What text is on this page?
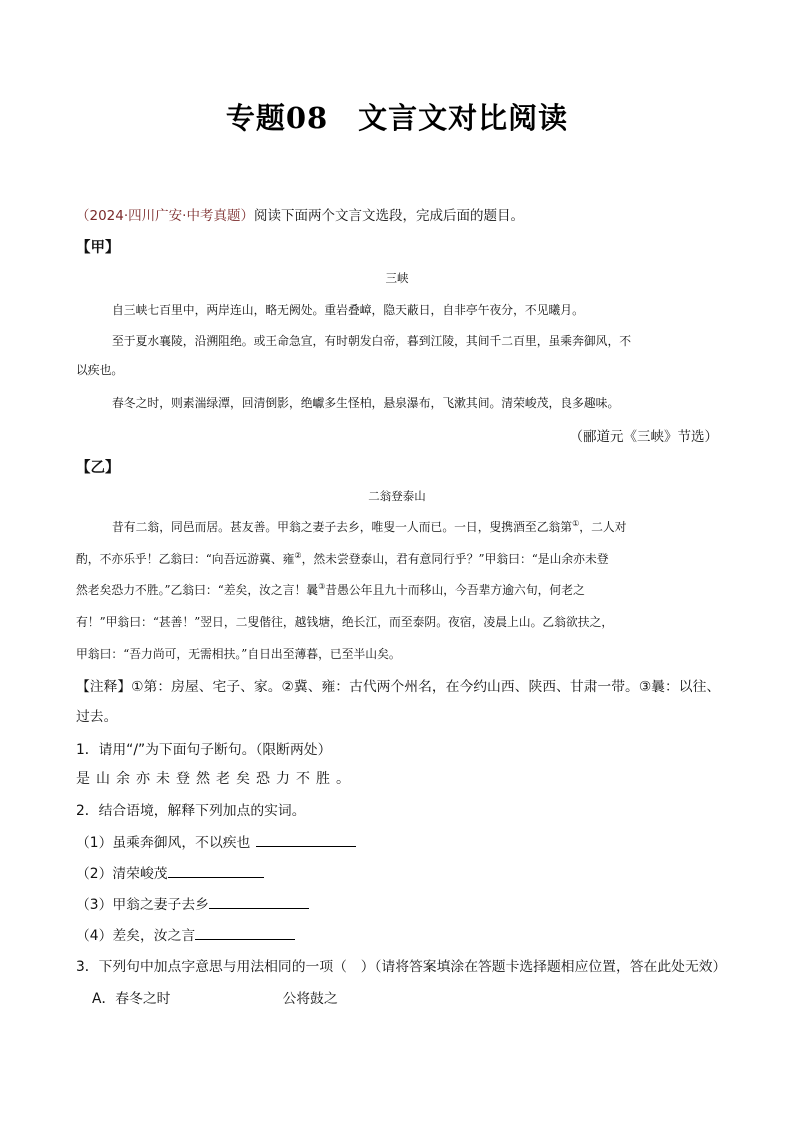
专题08 文言文对比阅读
（2024·四川广安·中考真题）阅读下面两个文言文选段，完成后面的题目。
【甲】
三峡
自三峡七百里中，两岸连山，略无阙处。重岩叠嶂，隐天蔽日，自非亭午夜分，不见曦月。
至于夏水襄陵，沿溯阻绝。或王命急宣，有时朝发白帝，暮到江陵，其间千二百里，虽乘奔御风，不
以疾也。
春冬之时，则素湍绿潭，回清倒影，绝巘多生怪柏，悬泉瀑布，飞漱其间。清荣峻茂，良多趣味。
（郦道元《三峡》节选）
【乙】
二翁登泰山
昔有二翁，同邑而居。甚友善。甲翁之妻子去乡，唯叟一人而已。一日，叟携酒至乙翁第①，二人对
酌，不亦乐乎！乙翁曰：“向吾远游冀、雍②，然未尝登泰山，君有意同行乎？”甲翁曰：“是山余亦未登
然老矣恐力不胜。”乙翁曰：“差矣，汝之言！曩③昔愚公年且九十而移山，今吾辈方逾六旬，何老之
有！”甲翁曰：“甚善！”翌日，二叟偕往，越钱塘，绝长江，而至泰阴。夜宿，凌晨上山。乙翁欲扶之，
甲翁曰：“吾力尚可，无需相扶。”自日出至薄暮，已至半山矣。
【注释】①第：房屋、宅子、家。②冀、雍：古代两个州名，在今约山西、陕西、甘肃一带。③曩：以往、
过去。
1．请用“/”为下面句子断句。（限断两处）
是山余亦未登然老矣恐力不胜。
2．结合语境，解释下列加点的实词。
（1）虽乘奔御风，不以疾也
（2）清荣峻茂
（3）甲翁之妻子去乡
（4）差矣，汝之言
3．下列句中加点字意思与用法相同的一项（　）（请将答案填涂在答题卡选择题相应位置，答在此处无效）
A．春冬之时	公将鼓之
